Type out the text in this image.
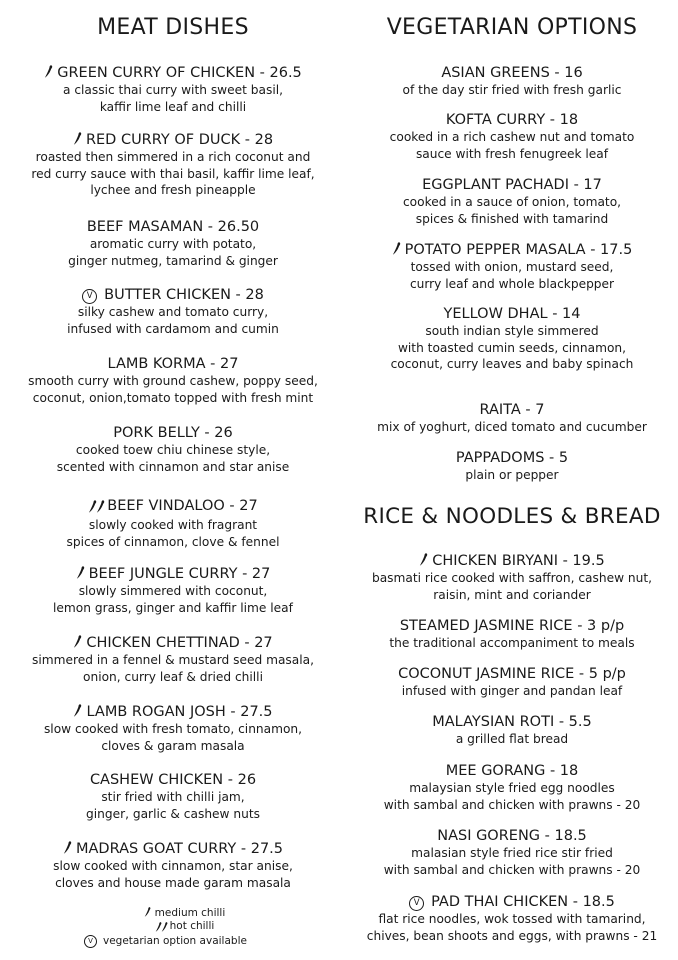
MEAT DISHES
GREEN CURRY OF CHICKEN - 26.5
a classic thai curry with sweet basil,
kaffir lime leaf and chilli
RED CURRY OF DUCK - 28
roasted then simmered in a rich coconut and
red curry sauce with thai basil, kaffir lime leaf,
lychee and fresh pineapple
BEEF MASAMAN - 26.50
aromatic curry with potato,
ginger nutmeg, tamarind & ginger
V BUTTER CHICKEN - 28
silky cashew and tomato curry,
infused with cardamom and cumin
LAMB KORMA - 27
smooth curry with ground cashew, poppy seed,
coconut, onion,tomato topped with fresh mint
PORK BELLY - 26
cooked toew chiu chinese style,
scented with cinnamon and star anise
BEEF VINDALOO - 27
slowly cooked with fragrant
spices of cinnamon, clove & fennel
BEEF JUNGLE CURRY - 27
slowly simmered with coconut,
lemon grass, ginger and kaffir lime leaf
CHICKEN CHETTINAD - 27
simmered in a fennel & mustard seed masala,
onion, curry leaf & dried chilli
LAMB ROGAN JOSH - 27.5
slow cooked with fresh tomato, cinnamon,
cloves & garam masala
CASHEW CHICKEN - 26
stir fried with chilli jam,
ginger, garlic & cashew nuts
MADRAS GOAT CURRY - 27.5
slow cooked with cinnamon, star anise,
cloves and house made garam masala
medium chilli
hot chilli
V vegetarian option available
VEGETARIAN OPTIONS
ASIAN GREENS - 16
of the day stir fried with fresh garlic
KOFTA CURRY - 18
cooked in a rich cashew nut and tomato
sauce with fresh fenugreek leaf
EGGPLANT PACHADI - 17
cooked in a sauce of onion, tomato,
spices & finished with tamarind
POTATO PEPPER MASALA - 17.5
tossed with onion, mustard seed,
curry leaf and whole blackpepper
YELLOW DHAL - 14
south indian style simmered
with toasted cumin seeds, cinnamon,
coconut, curry leaves and baby spinach
RAITA - 7
mix of yoghurt, diced tomato and cucumber
PAPPADOMS - 5
plain or pepper
RICE & NOODLES & BREAD
CHICKEN BIRYANI - 19.5
basmati rice cooked with saffron, cashew nut,
raisin, mint and coriander
STEAMED JASMINE RICE - 3 p/p
the traditional accompaniment to meals
COCONUT JASMINE RICE - 5 p/p
infused with ginger and pandan leaf
MALAYSIAN ROTI - 5.5
a grilled flat bread
MEE GORANG - 18
malaysian style fried egg noodles
with sambal and chicken with prawns - 20
NASI GORENG - 18.5
malasian style fried rice stir fried
with sambal and chicken with prawns - 20
V PAD THAI CHICKEN - 18.5
flat rice noodles, wok tossed with tamarind,
chives, bean shoots and eggs, with prawns - 21
